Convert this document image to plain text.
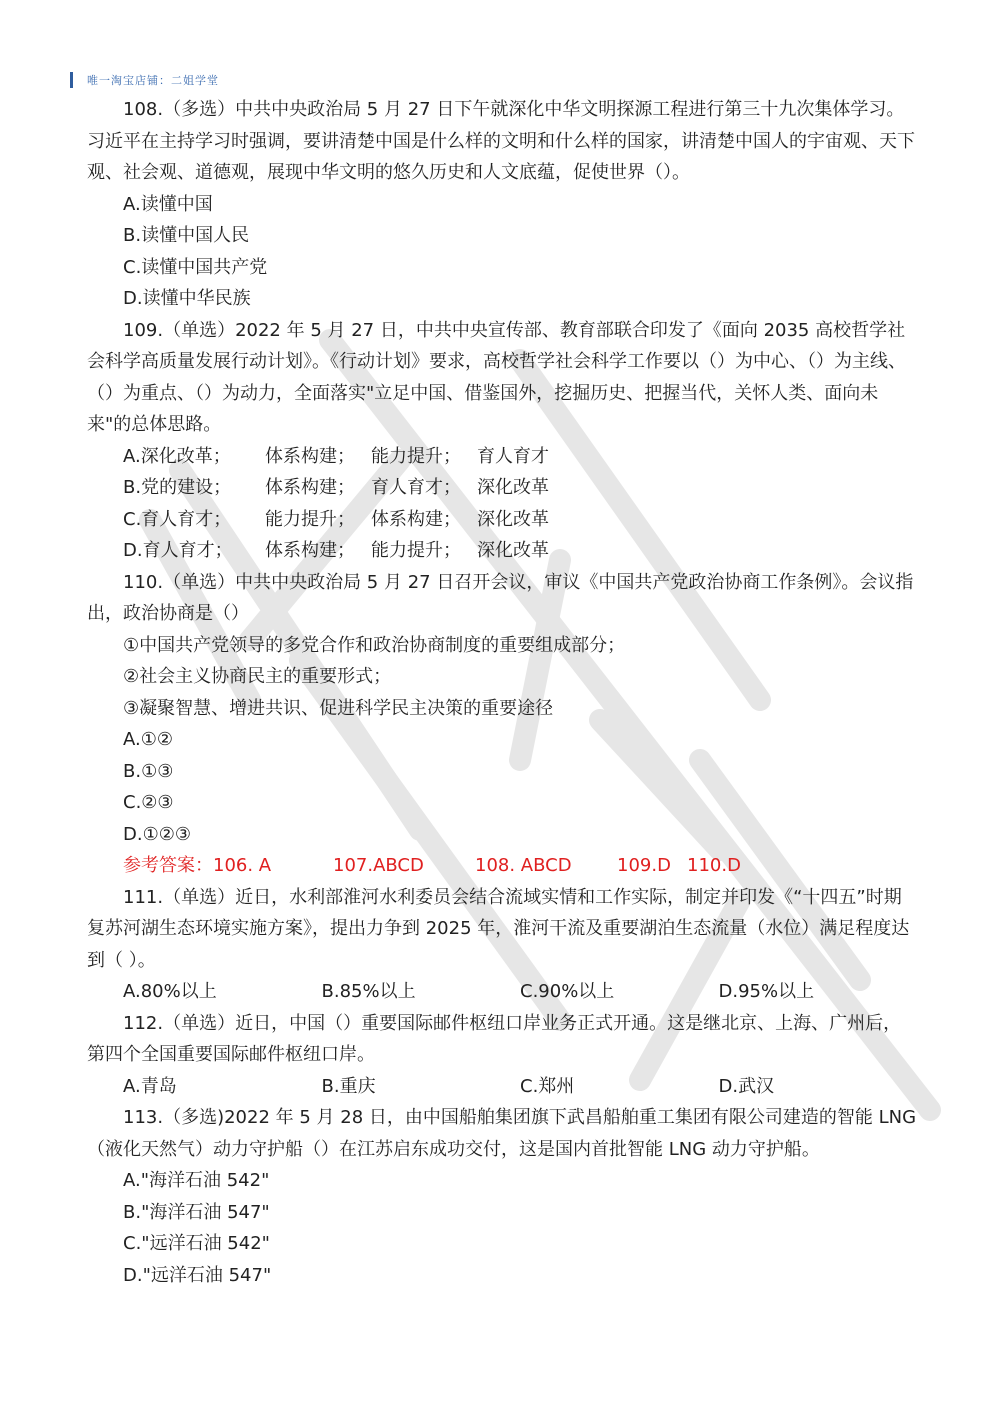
唯一淘宝店铺：二姐学堂

108.（多选）中共中央政治局 5 月 27 日下午就深化中华文明探源工程进行第三十九次集体学习。习近平在主持学习时强调，要讲清楚中国是什么样的文明和什么样的国家，讲清楚中国人的宇宙观、天下观、社会观、道德观，展现中华文明的悠久历史和人文底蕴，促使世界（）。

A.读懂中国

B.读懂中国人民

C.读懂中国共产党

D.读懂中华民族

109.（单选）2022 年 5 月 27 日，中共中央宣传部、教育部联合印发了《面向 2035 高校哲学社会科学高质量发展行动计划》。《行动计划》要求，高校哲学社会科学工作要以（）为中心、（）为主线、（）为重点、（）为动力，全面落实"立足中国、借鉴国外，挖掘历史、把握当代，关怀人类、面向未来"的总体思路。

A.深化改革；	体系构建； 能力提升； 育人育才
B.党的建设；	体系构建； 育人育才； 深化改革
C.育人育才；	能力提升； 体系构建； 深化改革
D.育人育才；	体系构建； 能力提升； 深化改革

110.（单选）中共中央政治局 5 月 27 日召开会议，审议《中国共产党政治协商工作条例》。会议指出，政治协商是（）

①中国共产党领导的多党合作和政治协商制度的重要组成部分；

②社会主义协商民主的重要形式；

③凝聚智慧、增进共识、促进科学民主决策的重要途径

A.①②

B.①③

C.②③

D.①②③

参考答案： 106. A	107.ABCD	108. ABCD	109.D 110.D

111.（单选）近日，水利部淮河水利委员会结合流域实情和工作实际，制定并印发《“十四五”时期复苏河湖生态环境实施方案》，提出力争到 2025 年，淮河干流及重要湖泊生态流量（水位）满足程度达到（ ）。

A.80%以上	B.85%以上	C.90%以上	D.95%以上

112.（单选）近日，中国（）重要国际邮件枢纽口岸业务正式开通。这是继北京、上海、广州后，第四个全国重要国际邮件枢纽口岸。

A.青岛	B.重庆	C.郑州	D.武汉

113.（多选)2022 年 5 月 28 日，由中国船舶集团旗下武昌船舶重工集团有限公司建造的智能 LNG（液化天然气）动力守护船（）在江苏启东成功交付，这是国内首批智能 LNG 动力守护船。

A."海洋石油 542"

B."海洋石油 547"

C."远洋石油 542"

D."远洋石油 547"
